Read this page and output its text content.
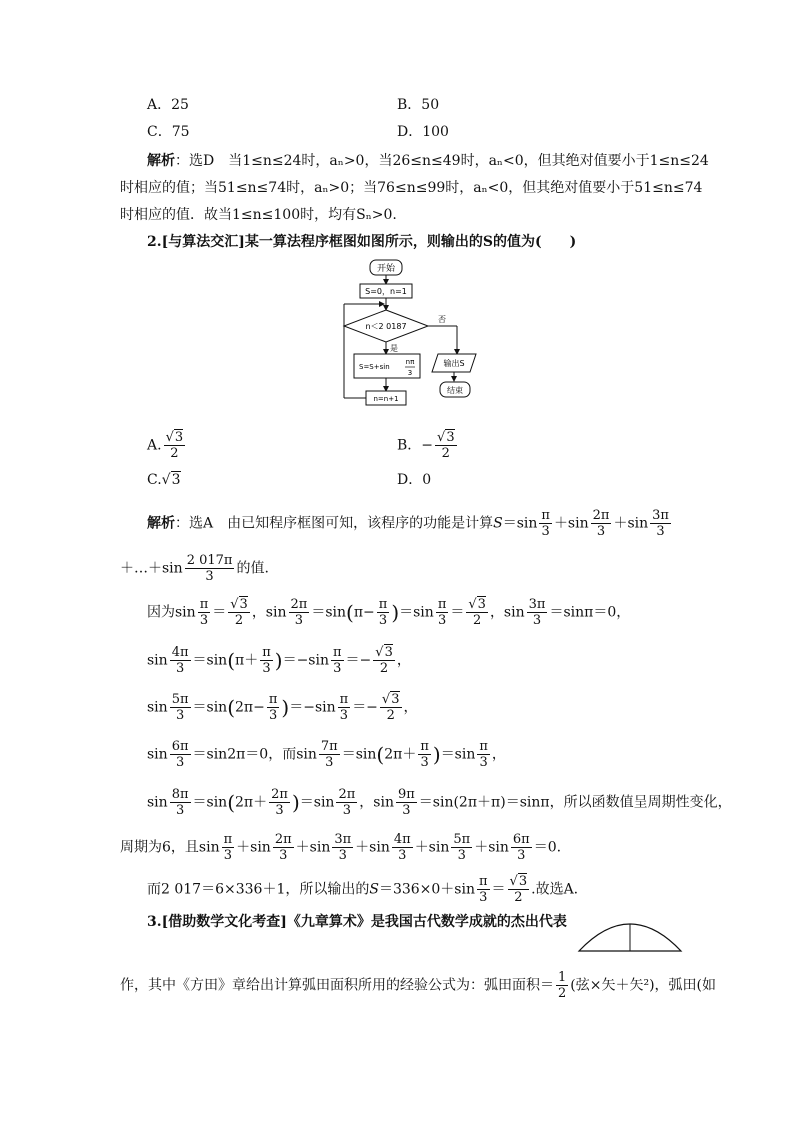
A．25	B．50
C．75	D．100
解析：选D　当1≤n≤24时，aₙ>0，当26≤n≤49时，aₙ<0，但其绝对值要小于1≤n≤24
时相应的值；当51≤n≤74时，aₙ>0；当76≤n≤99时，aₙ<0，但其绝对值要小于51≤n≤74
时相应的值．故当1≤n≤100时，均有Sₙ>0.
2.[与算法交汇]某一算法程序框图如图所示，则输出的S的值为(　　)
开始
S=0，n=1
n＜2 0187
否
是
S=S+sin
nπ
3
n=n+1
输出S
结束
A. $\frac{√3}{2}$	B．− $\frac{√3}{2}$
C.√3	D．0
解析：选A　由已知程序框图可知，该程序的功能是计算$S=\sin \frac{\pi}{3} +\sin \frac{2\pi}{3} +\sin \frac{3\pi}{3}$
＋…＋sin $\frac{2 017\pi}{3}$ 的值.
因为$\sin \frac{\pi}{3} = \frac{√3}{2}$ ，$\sin \frac{2\pi}{3} =\sin(\pi- \frac{\pi}{3} )=\sin \frac{\pi}{3} = \frac{√3}{2}$ ，$\sin \frac{3\pi}{3} =\sin\pi=0$，
$\sin \frac{4\pi}{3} =\sin(\pi+ \frac{\pi}{3} )=-\sin \frac{\pi}{3} =- \frac{√3}{2}$ ，
$\sin \frac{5\pi}{3} =\sin(2\pi- \frac{\pi}{3} )=-\sin \frac{\pi}{3} =- \frac{√3}{2}$ ，
$\sin \frac{6\pi}{3} =\sin 2\pi=0$，而$\sin \frac{7\pi}{3} =\sin(2\pi+ \frac{\pi}{3} )=\sin \frac{\pi}{3}$ ，
$\sin \frac{8\pi}{3} =\sin(2\pi+ \frac{2\pi}{3} )=\sin \frac{2\pi}{3}$ ，$\sin \frac{9\pi}{3} =\sin(2\pi+\pi)=\sin\pi$，所以函数值呈周期性变化，
周期为6，且$\sin \frac{\pi}{3} +\sin \frac{2\pi}{3} +\sin \frac{3\pi}{3} +\sin \frac{4\pi}{3} +\sin \frac{5\pi}{3} +\sin \frac{6\pi}{3} =0$.
而2 017＝6×336＋1，所以输出的$S=336\times 0+\sin \frac{\pi}{3} = \frac{√3}{2}$ .故选A.
3.[借助数学文化考查]《九章算术》是我国古代数学成就的杰出代表
作，其中《方田》章给出计算弧田面积所用的经验公式为：弧田面积＝ $\frac{1}{2}$ (弦×矢＋矢²)，弧田(如
